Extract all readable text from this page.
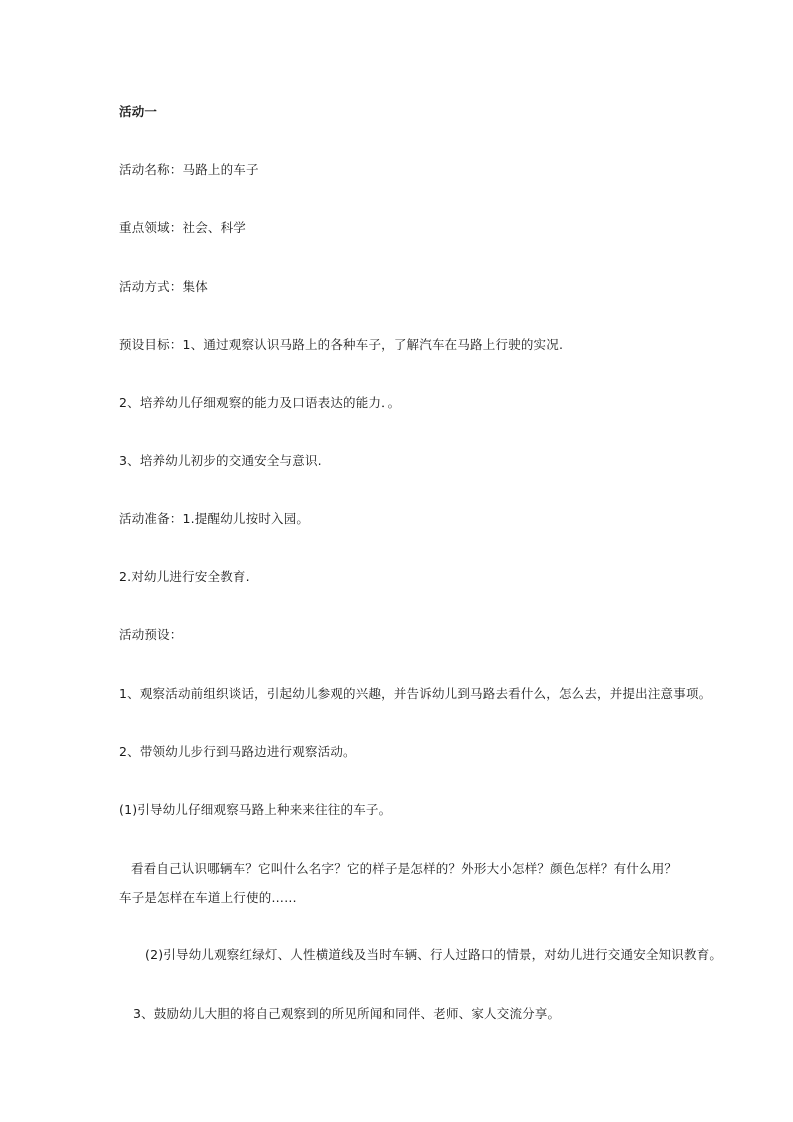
活动一
活动名称：马路上的车子
重点领域：社会、科学
活动方式：集体
预设目标：1、通过观察认识马路上的各种车子，了解汽车在马路上行驶的实况.
2、培养幼儿仔细观察的能力及口语表达的能力．。
3、培养幼儿初步的交通安全与意识.
活动准备：1.提醒幼儿按时入园。
2.对幼儿进行安全教育.
活动预设：
1、观察活动前组织谈话，引起幼儿参观的兴趣，并告诉幼儿到马路去看什么，怎么去，并提出注意事项。
2、带领幼儿步行到马路边进行观察活动。
(1)引导幼儿仔细观察马路上种来来往往的车子。
看看自己认识哪辆车？它叫什么名字？它的样子是怎样的？外形大小怎样？颜色怎样？有什么用？车子是怎样在车道上行使的……
(2)引导幼儿观察红绿灯、人性横道线及当时车辆、行人过路口的情景，对幼儿进行交通安全知识教育。
3、鼓励幼儿大胆的将自己观察到的所见所闻和同伴、老师、家人交流分享。
